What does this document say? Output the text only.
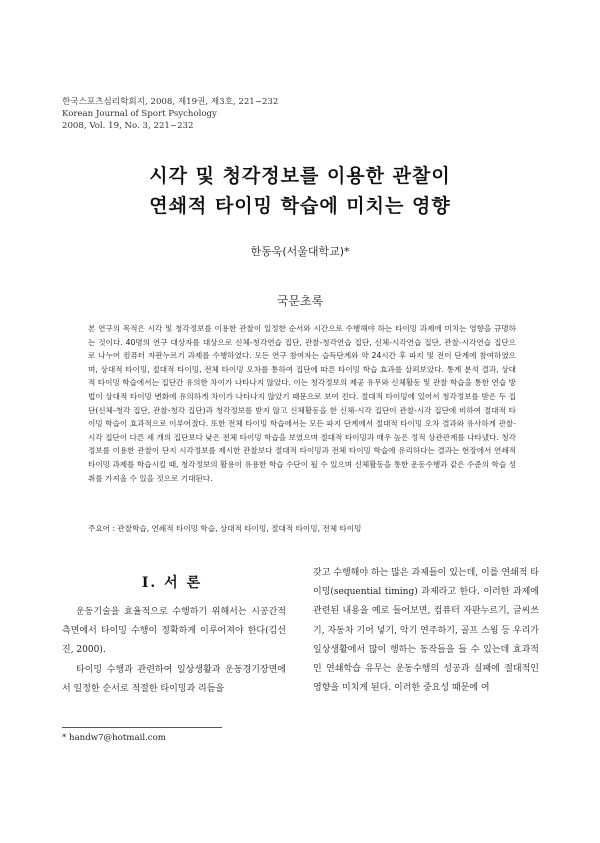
한국스포츠심리학회지, 2008, 제19권, 제3호, 221~232
Korean Journal of Sport Psychology
2008, Vol. 19, No. 3, 221~232
시각 및 청각정보를 이용한 관찰이
연쇄적 타이밍 학습에 미치는 영향
한동욱(서울대학교)*
국문초록
본 연구의 목적은 시각 및 청각정보를 이용한 관찰이 일정한 순서와 시간으로 수행해야 하는 타이밍 과제에 미치는 영향을 규명하는 것이다. 40명의 연구 대상자를 대상으로 신체-청각연습 집단, 관찰-청각연습 집단, 신체-시각연습 집단, 관찰-시각연습 집단으로 나누어 컴퓨터 자판누르기 과제를 수행하였다. 모든 연구 참여자는 습득단계와 약 24시간 후 파지 및 전이 단계에 참여하였으며, 상대적 타이밍, 절대적 타이밍, 전체 타이밍 오차를 통하여 집단에 따른 타이밍 학습 효과를 살펴보았다. 통계 분석 결과, 상대적 타이밍 학습에서는 집단간 유의한 차이가 나타나지 않았다. 이는 청각정보의 제공 유무와 신체활동 및 관찰 학습을 통한 연습 방법이 상대적 타이밍 변화에 유의하게 차이가 나타나지 않았기 때문으로 보여 진다. 절대적 타이밍에 있어서 청각정보를 받은 두 집단(신체-청각 집단, 관찰-청각 집단)과 청각정보를 받지 않고 신체활동을 한 신체-시각 집단이 관찰-시각 집단에 비하여 절대적 타이밍 학습이 효과적으로 이루어졌다. 또한 전체 타이밍 학습에서는 모든 파지 단계에서 절대적 타이밍 오차 결과와 유사하게 관찰-시각 집단이 다른 세 개의 집단보다 낮은 전체 타이밍 학습을 보였으며 절대적 타이밍과 매우 높은 정적 상관관계를 나타냈다. 청각정보를 이용한 관찰이 단지 시각정보를 제시한 관찰보다 절대적 타이밍과 전체 타이밍 학습에 유리하다는 결과는 현장에서 연쇄적 타이밍 과제를 학습시킬 때, 청각정보의 활용이 유용한 학습 수단이 될 수 있으며 신체활동을 통한 운동수행과 같은 수준의 학습 성취를 가져올 수 있을 것으로 기대된다.
주요어 : 관찰학습, 연쇄적 타이밍 학습, 상대적 타이밍, 절대적 타이밍, 전체 타이밍
I. 서 론

운동기술을 효율적으로 수행하기 위해서는 시공간적 측면에서 타이밍 수행이 정확하게 이루어져야 한다(김선진, 2000).

타이밍 수행과 관련하여 일상생활과 운동경기장면에서 일정한 순서로 적절한 타이밍과 리듬을

갖고 수행해야 하는 많은 과제들이 있는데, 이를 연쇄적 타이밍(sequential timing) 과제라고 한다. 이러한 과제에 관련된 내용을 예로 들어보면, 컴퓨터 자판누르기, 글씨쓰기, 자동차 기어 넣기, 악기 연주하기, 골프 스윙 등 우리가 일상생활에서 많이 행하는 동작들을 들 수 있는데 효과적인 연쇄학습 유무는 운동수행의 성공과 실패에 절대적인 영향을 미치게 된다. 이러한 중요성 때문에 여

* handw7@hotmail.com
